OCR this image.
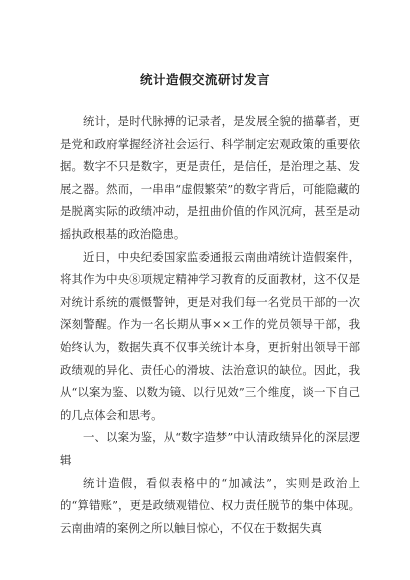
统计造假交流研讨发言

统计，是时代脉搏的记录者，是发展全貌的描摹者，更是党和政府掌握经济社会运行、科学制定宏观政策的重要依据。数字不只是数字，更是责任，是信任，是治理之基、发展之器。然而，一串串“虚假繁荣”的数字背后，可能隐藏的是脱离实际的政绩冲动，是扭曲价值的作风沉疴，甚至是动摇执政根基的政治隐患。

近日，中央纪委国家监委通报云南曲靖统计造假案件，将其作为中央⑧项规定精神学习教育的反面教材，这不仅是对统计系统的震慑警钟，更是对我们每一名党员干部的一次深刻警醒。作为一名长期从事××工作的党员领导干部，我始终认为，数据失真不仅事关统计本身，更折射出领导干部政绩观的异化、责任心的滑坡、法治意识的缺位。因此，我从“以案为鉴、以数为镜、以行见效”三个维度，谈一下自己的几点体会和思考。

一、以案为鉴，从“数字造梦”中认清政绩异化的深层逻辑

统计造假，看似表格中的“加减法”，实则是政治上的“算错账”，更是政绩观错位、权力责任脱节的集中体现。云南曲靖的案例之所以触目惊心，不仅在于数据失真
